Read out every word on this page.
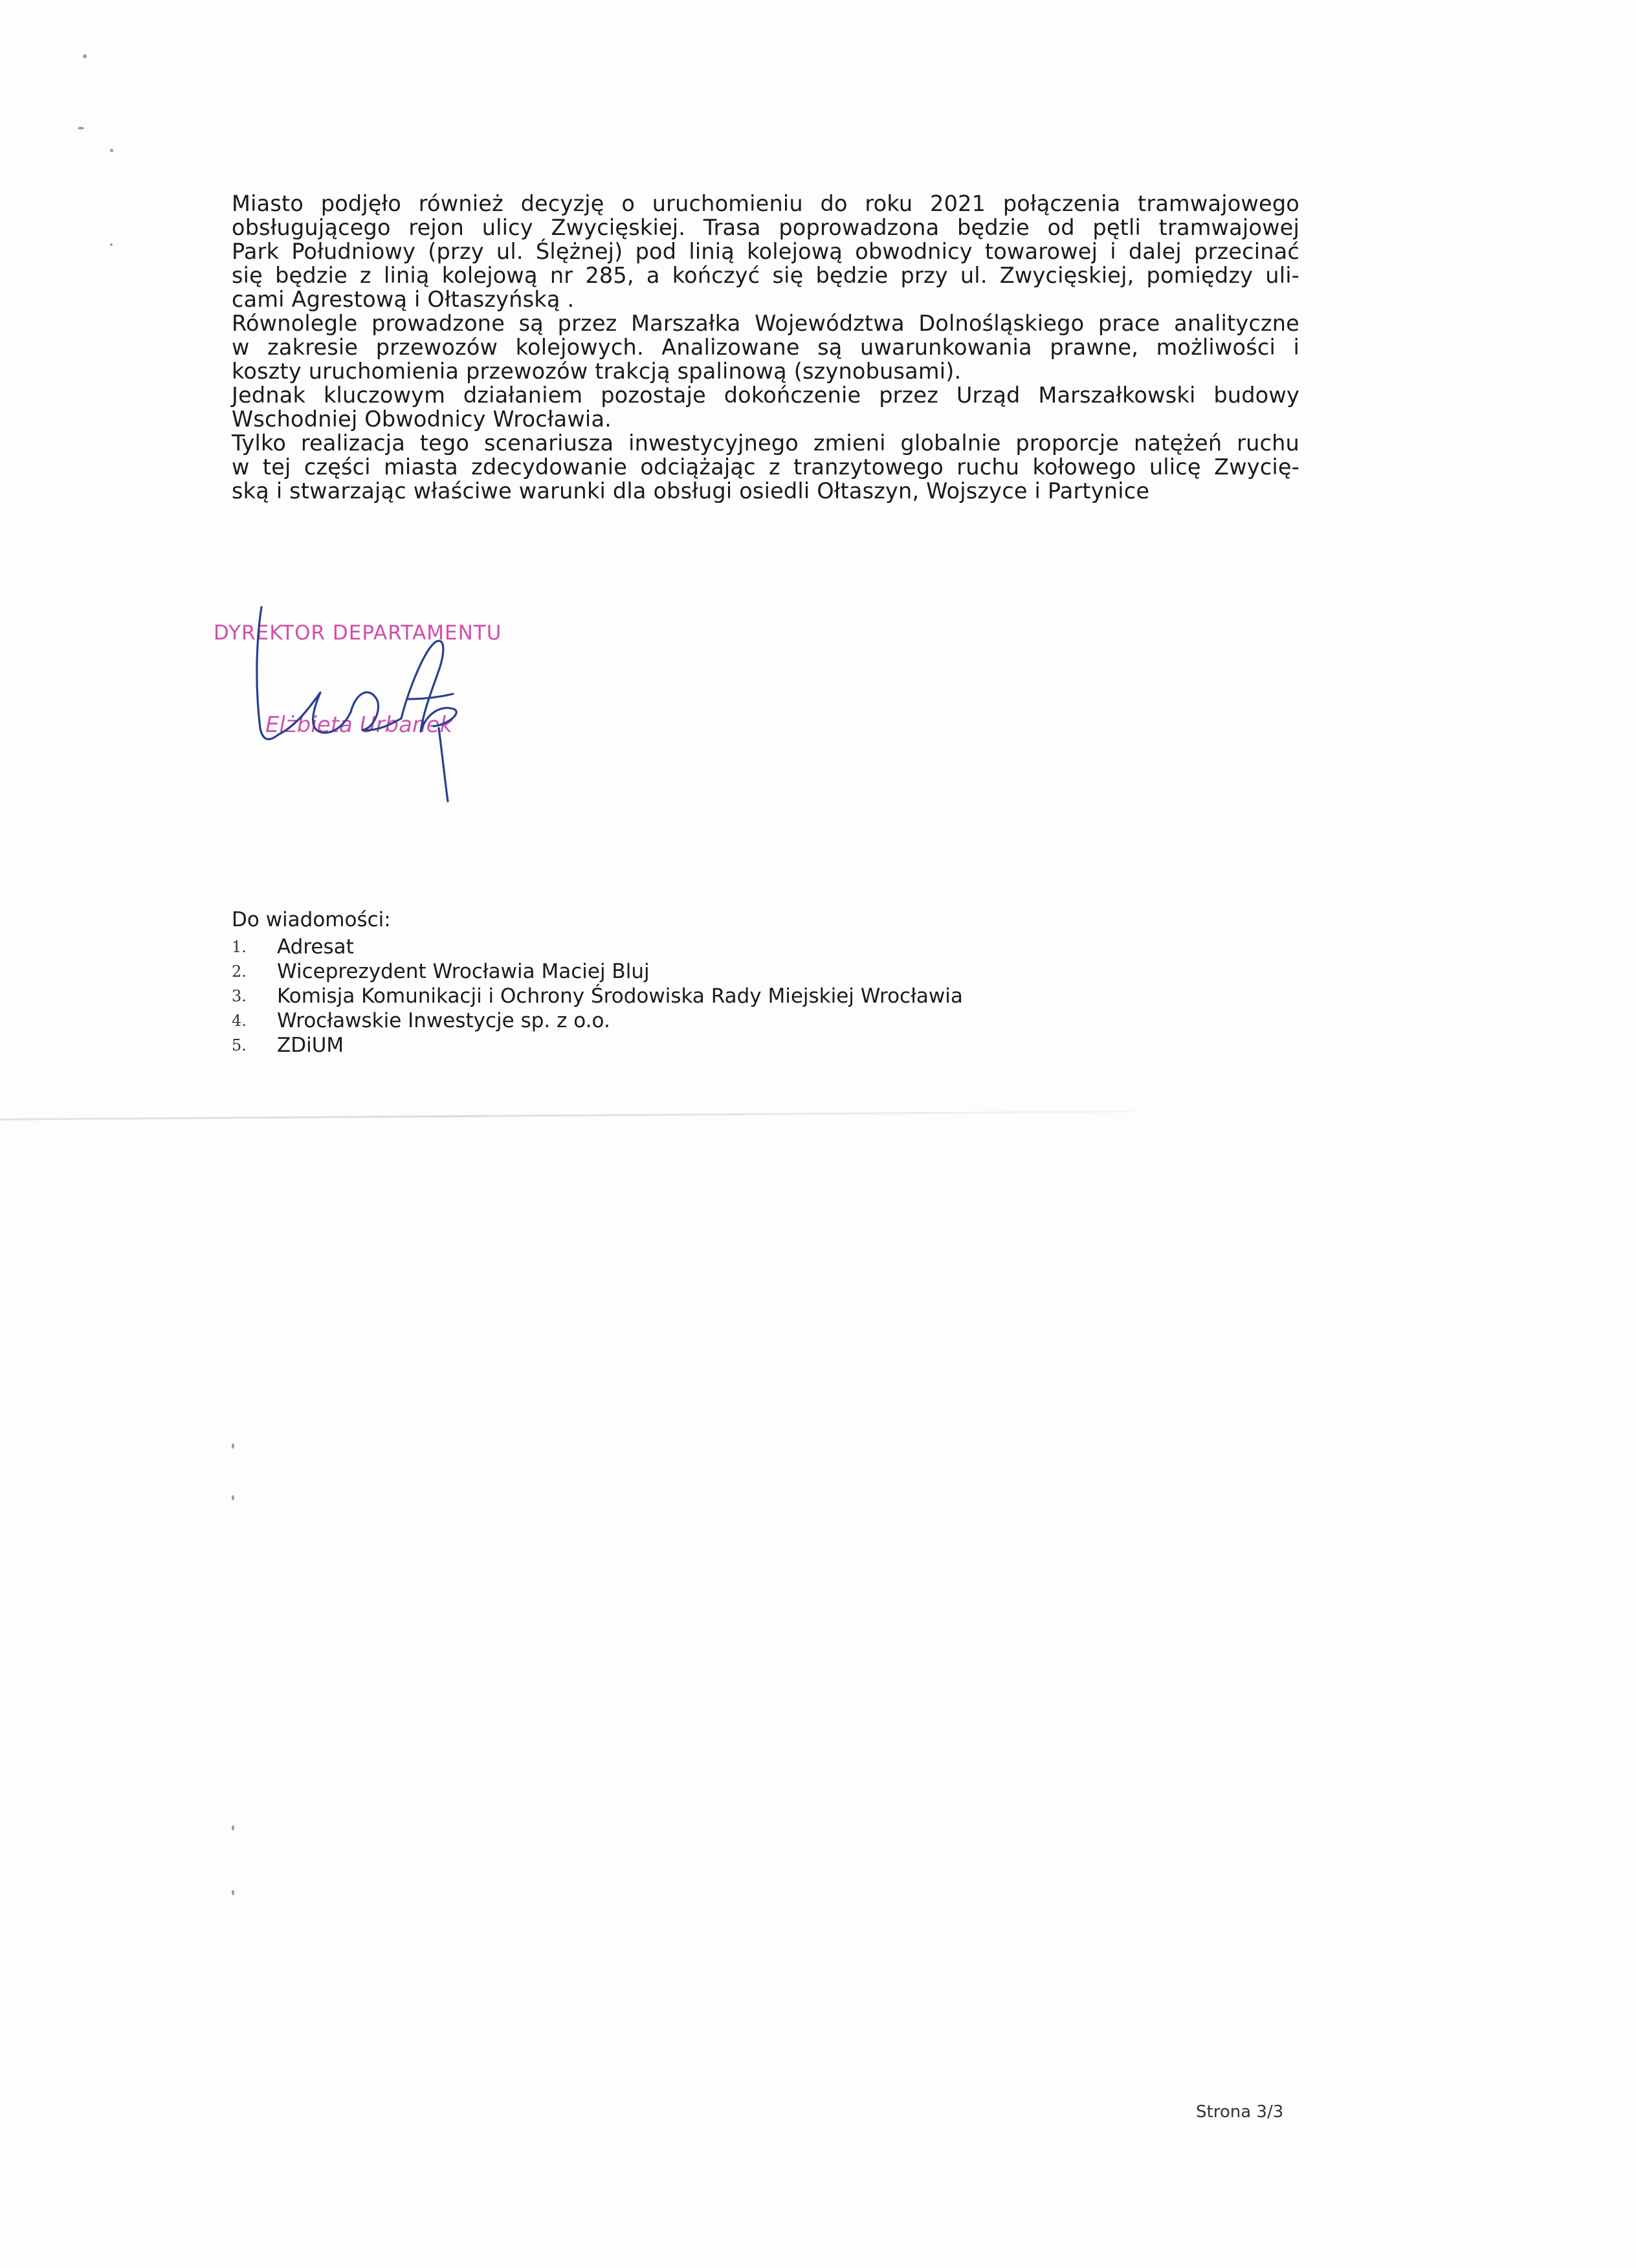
Miasto podjęło również decyzję o uruchomieniu do roku 2021 połączenia tramwajowego
obsługującego rejon ulicy Zwycięskiej. Trasa poprowadzona będzie od pętli tramwajowej
Park Południowy (przy ul. Ślężnej) pod linią kolejową obwodnicy towarowej i dalej przecinać
się będzie z linią kolejową nr 285, a kończyć się będzie przy ul. Zwycięskiej, pomiędzy uli-
cami Agrestową i Ołtaszyńską .
Równolegle prowadzone są przez Marszałka Województwa Dolnośląskiego prace analityczne
w zakresie przewozów kolejowych. Analizowane są uwarunkowania prawne, możliwości i
koszty uruchomienia przewozów trakcją spalinową (szynobusami).
Jednak kluczowym działaniem pozostaje dokończenie przez Urząd Marszałkowski budowy
Wschodniej Obwodnicy Wrocławia.
Tylko realizacja tego scenariusza inwestycyjnego zmieni globalnie proporcje natężeń ruchu
w tej części miasta zdecydowanie odciążając z tranzytowego ruchu kołowego ulicę Zwycię-
ską i stwarzając właściwe warunki dla obsługi osiedli Ołtaszyn, Wojszyce i Partynice
DYREKTOR DEPARTAMENTU
Elżbieta Urbanek
Do wiadomości:
1.	Adresat
2.	Wiceprezydent Wrocławia Maciej Bluj
3.	Komisja Komunikacji i Ochrony Środowiska Rady Miejskiej Wrocławia
4.	Wrocławskie Inwestycje sp. z o.o.
5.	ZDiUM
Strona 3/3
